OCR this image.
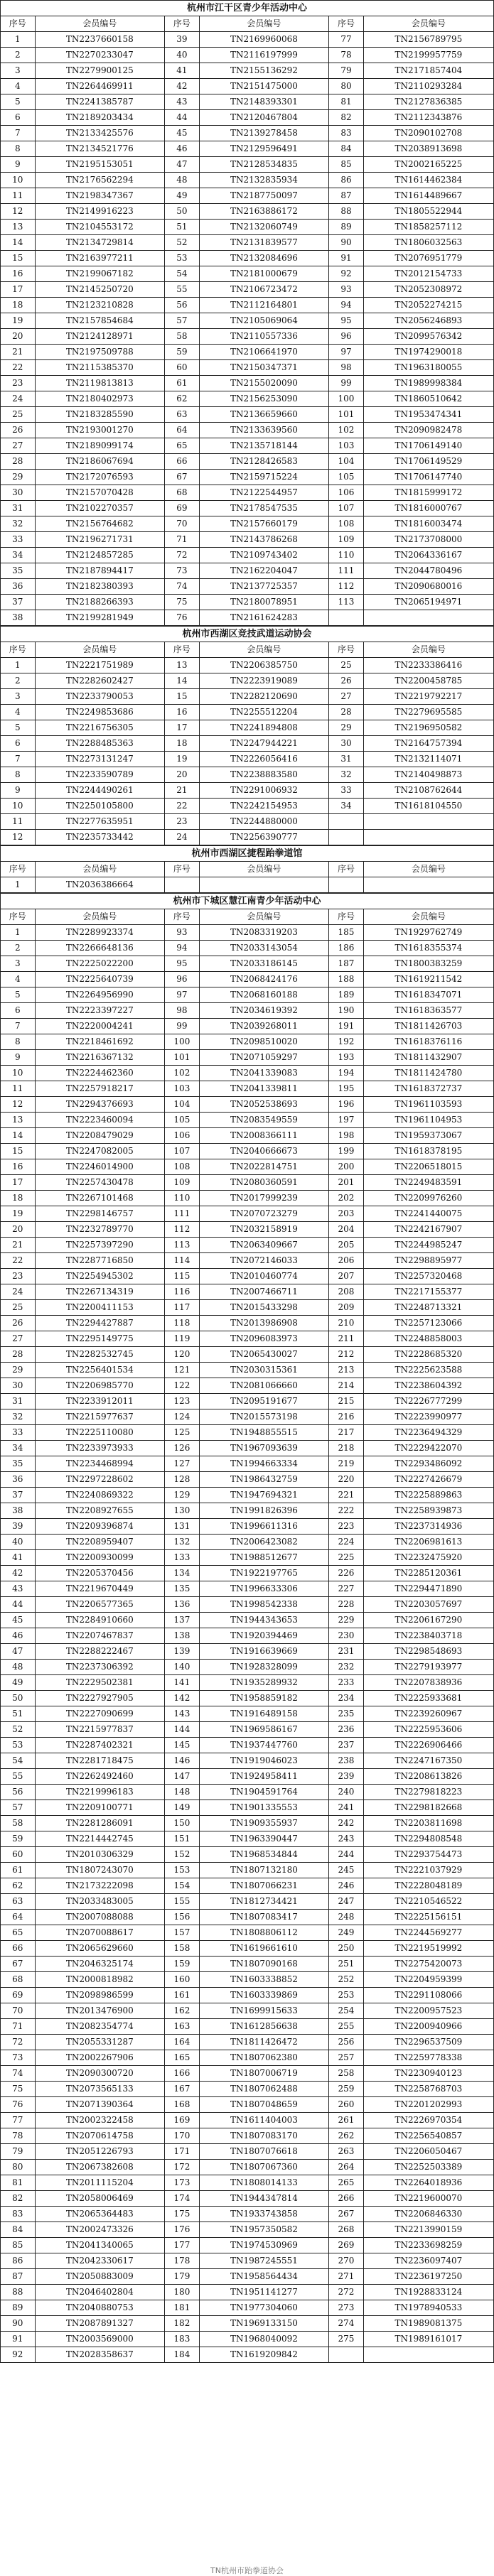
杭州市江干区青少年活动中心					
序号	会员编号	序号	会员编号	序号	会员编号
1	TN2237660158	39	TN2169960068	77	TN2156789795
2	TN2270233047	40	TN2116197999	78	TN2199957759
3	TN2279900125	41	TN2155136292	79	TN2171857404
4	TN2264469911	42	TN2151475000	80	TN2110293284
5	TN2241385787	43	TN2148393301	81	TN2127836385
6	TN2189203434	44	TN2120467804	82	TN2112343876
7	TN2133425576	45	TN2139278458	83	TN2090102708
8	TN2134521776	46	TN2129596491	84	TN2038913698
9	TN2195153051	47	TN2128534835	85	TN2002165225
10	TN2176562294	48	TN2132835934	86	TN1614462384
11	TN2198347367	49	TN2187750097	87	TN1614489667
12	TN2149916223	50	TN2163886172	88	TN1805522944
13	TN2104553172	51	TN2132060749	89	TN1858257112
14	TN2134729814	52	TN2131839577	90	TN1806032563
15	TN2163977211	53	TN2132084696	91	TN2076951779
16	TN2199067182	54	TN2181000679	92	TN2012154733
17	TN2145250720	55	TN2106723472	93	TN2052308972
18	TN2123210828	56	TN2112164801	94	TN2052274215
19	TN2157854684	57	TN2105069064	95	TN2056246893
20	TN2124128971	58	TN2110557336	96	TN2099576342
21	TN2197509788	59	TN2106641970	97	TN1974290018
22	TN2115385370	60	TN2150347371	98	TN1963180055
23	TN2119813813	61	TN2155020090	99	TN1989998384
24	TN2180402973	62	TN2156253090	100	TN1860510642
25	TN2183285590	63	TN2136659660	101	TN1953474341
26	TN2193001270	64	TN2133639560	102	TN2090982478
27	TN2189099174	65	TN2135718144	103	TN1706149140
28	TN2186067694	66	TN2128426583	104	TN1706149529
29	TN2172076593	67	TN2159715224	105	TN1706147740
30	TN2157070428	68	TN2122544957	106	TN1815999172
31	TN2102270357	69	TN2178547535	107	TN1816000767
32	TN2156764682	70	TN2157660179	108	TN1816003474
33	TN2196271731	71	TN2143786268	109	TN2173708000
34	TN2124857285	72	TN2109743402	110	TN2064336167
35	TN2187894417	73	TN2162204047	111	TN2044780496
36	TN2182380393	74	TN2137725357	112	TN2090680016
37	TN2188266393	75	TN2180078951	113	TN2065194971
38	TN2199281949	76	TN2161624283		
杭州市西湖区竞技武道运动协会					
序号	会员编号	序号	会员编号	序号	会员编号
1	TN2221751989	13	TN2206385750	25	TN2233386416
2	TN2282602427	14	TN2223919089	26	TN2200458785
3	TN2233790053	15	TN2282120690	27	TN2219792217
4	TN2249853686	16	TN2255512204	28	TN2279695585
5	TN2216756305	17	TN2241894808	29	TN2196950582
6	TN2288485363	18	TN2247944221	30	TN2164757394
7	TN2273131247	19	TN2226056416	31	TN2132114071
8	TN2233590789	20	TN2238883580	32	TN2140498873
9	TN2244490261	21	TN2291006932	33	TN2108762644
10	TN2250105800	22	TN2242154953	34	TN1618104550
11	TN2277635951	23	TN2244880000		
12	TN2235733442	24	TN2256390777		
杭州市西湖区捷程跆拳道馆					
序号	会员编号	序号	会员编号	序号	会员编号
1	TN2036386664				
杭州市下城区慧江南青少年活动中心					
序号	会员编号	序号	会员编号	序号	会员编号
1	TN2289923374	93	TN2083319203	185	TN1929762749
2	TN2266648136	94	TN2033143054	186	TN1618355374
3	TN2225022200	95	TN2033186145	187	TN1800383259
4	TN2225640739	96	TN2068424176	188	TN1619211542
5	TN2264956990	97	TN2068160188	189	TN1618347071
6	TN2223397227	98	TN2034619392	190	TN1618363577
7	TN2220004241	99	TN2039268011	191	TN1811426703
8	TN2218461692	100	TN2098510020	192	TN1618376116
9	TN2216367132	101	TN2071059297	193	TN1811432907
10	TN2224462360	102	TN2041339083	194	TN1811424780
11	TN2257918217	103	TN2041339811	195	TN1618372737
12	TN2294376693	104	TN2052538693	196	TN1961103593
13	TN2223460094	105	TN2083549559	197	TN1961104953
14	TN2208479029	106	TN2008366111	198	TN1959373067
15	TN2247082005	107	TN2040666673	199	TN1618378195
16	TN2246014900	108	TN2022814751	200	TN2206518015
17	TN2257430478	109	TN2080360591	201	TN2249483591
18	TN2267101468	110	TN2017999239	202	TN2209976260
19	TN2298146757	111	TN2070723279	203	TN2241440075
20	TN2232789770	112	TN2032158919	204	TN2242167907
21	TN2257397290	113	TN2063409667	205	TN2244985247
22	TN2287716850	114	TN2072146033	206	TN2298895977
23	TN2254945302	115	TN2010460774	207	TN2257320468
24	TN2267134319	116	TN2007466711	208	TN2217155377
25	TN2200411153	117	TN2015433298	209	TN2248713321
26	TN2294427887	118	TN2013986908	210	TN2257123066
27	TN2295149775	119	TN2096083973	211	TN2248858003
28	TN2282532745	120	TN2065430027	212	TN2228685320
29	TN2256401534	121	TN2030315361	213	TN2225623588
30	TN2206985770	122	TN2081066660	214	TN2238604392
31	TN2233912011	123	TN2095191677	215	TN2226777299
32	TN2215977637	124	TN2015573198	216	TN2223990977
33	TN2225110080	125	TN1948855515	217	TN2236494329
34	TN2233973933	126	TN1967093639	218	TN2229422070
35	TN2234468994	127	TN1994663334	219	TN2293486092
36	TN2297228602	128	TN1986432759	220	TN2227426679
37	TN2240869322	129	TN1947694321	221	TN2225889863
38	TN2208927655	130	TN1991826396	222	TN2258939873
39	TN2209396874	131	TN1996611316	223	TN2237314936
40	TN2208959407	132	TN2006423082	224	TN2206981613
41	TN2200930099	133	TN1988512677	225	TN2232475920
42	TN2205370456	134	TN1922197765	226	TN2285120361
43	TN2219670449	135	TN1996633306	227	TN2294471890
44	TN2206577365	136	TN1998542338	228	TN2203057697
45	TN2284910660	137	TN1944343653	229	TN2206167290
46	TN2207467837	138	TN1920394469	230	TN2238403718
47	TN2288222467	139	TN1916639669	231	TN2298548693
48	TN2237306392	140	TN1928328099	232	TN2279193977
49	TN2229502381	141	TN1935289932	233	TN2207838936
50	TN2227927905	142	TN1958859182	234	TN2225933681
51	TN2227090699	143	TN1916489158	235	TN2239260967
52	TN2215977837	144	TN1969586167	236	TN2225953606
53	TN2287402321	145	TN1937447760	237	TN2226906466
54	TN2281718475	146	TN1919046023	238	TN2247167350
55	TN2262492460	147	TN1924958411	239	TN2208613826
56	TN2219996183	148	TN1904591764	240	TN2279818223
57	TN2209100771	149	TN1901335553	241	TN2298182668
58	TN2281286091	150	TN1909355937	242	TN2203811698
59	TN2214442745	151	TN1963390447	243	TN2294808548
60	TN2010306329	152	TN1968534844	244	TN2293754473
61	TN1807243070	153	TN1807132180	245	TN2221037929
62	TN2173222098	154	TN1807066231	246	TN2228048189
63	TN2033483005	155	TN1812734421	247	TN2210546522
64	TN2007088088	156	TN1807083417	248	TN2225156151
65	TN2070088617	157	TN1808806112	249	TN2244569277
66	TN2065629660	158	TN1619661610	250	TN2219519992
67	TN2046325174	159	TN1807090168	251	TN2275420073
68	TN2000818982	160	TN1603338852	252	TN2204959399
69	TN2098986599	161	TN1603339869	253	TN2291108066
70	TN2013476900	162	TN1699915633	254	TN2200957523
71	TN2082354774	163	TN1612856638	255	TN2200940966
72	TN2055331287	164	TN1811426472	256	TN2296537509
73	TN2002267906	165	TN1807062380	257	TN2259778338
74	TN2090300720	166	TN1807006719	258	TN2230940123
75	TN2073565133	167	TN1807062488	259	TN2258768703
76	TN2071390364	168	TN1807048659	260	TN2201202993
77	TN2002322458	169	TN1611404003	261	TN2226970354
78	TN2070614758	170	TN1807083170	262	TN2256540857
79	TN2051226793	171	TN1807076618	263	TN2206050467
80	TN2067382608	172	TN1807067360	264	TN2252503389
81	TN2011115204	173	TN1808014133	265	TN2264018936
82	TN2058006469	174	TN1944347814	266	TN2219600070
83	TN2065364483	175	TN1933743858	267	TN2206846330
84	TN2002473326	176	TN1957350582	268	TN2213990159
85	TN2041340065	177	TN1974530969	269	TN2233698259
86	TN2042330617	178	TN1987245551	270	TN2236097407
87	TN2050883009	179	TN1958564434	271	TN2236197250
88	TN2046402804	180	TN1951141277	272	TN1928833124
89	TN2040880753	181	TN1977304060	273	TN1978940533
90	TN2087891327	182	TN1969133150	274	TN1989081375
91	TN2003569000	183	TN1968040092	275	TN1989161017
92	TN2028358637	184	TN1619209842		
TN杭州市跆拳道协会
